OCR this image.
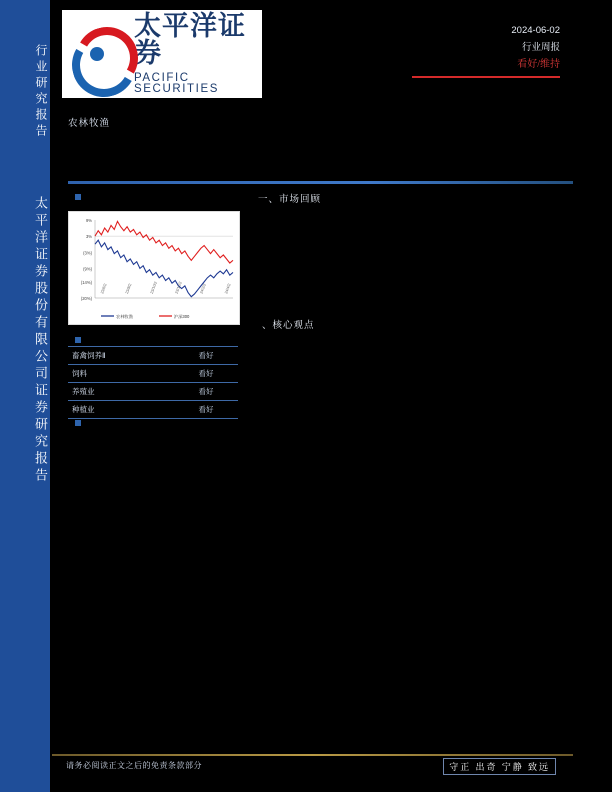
行业研究报告
太平洋证券股份有限公司证券研究报告
太平洋证券
PACIFIC SECURITIES
2024-06-02
行业周报
看好/维持
农林牧渔
一、市场回顾
、核心观点
9%
3%
(3%)
(9%)
(14%)
(20%)
23/6/2	23/8/2	23/10/2	23/12/2	24/2/2	24/4/2
农林牧渔	沪深300
畜禽饲养Ⅱ	看好
饲料	看好
养殖业	看好
种植业	看好
请务必阅读正文之后的免责条款部分	守正 出奇 宁静 致远
